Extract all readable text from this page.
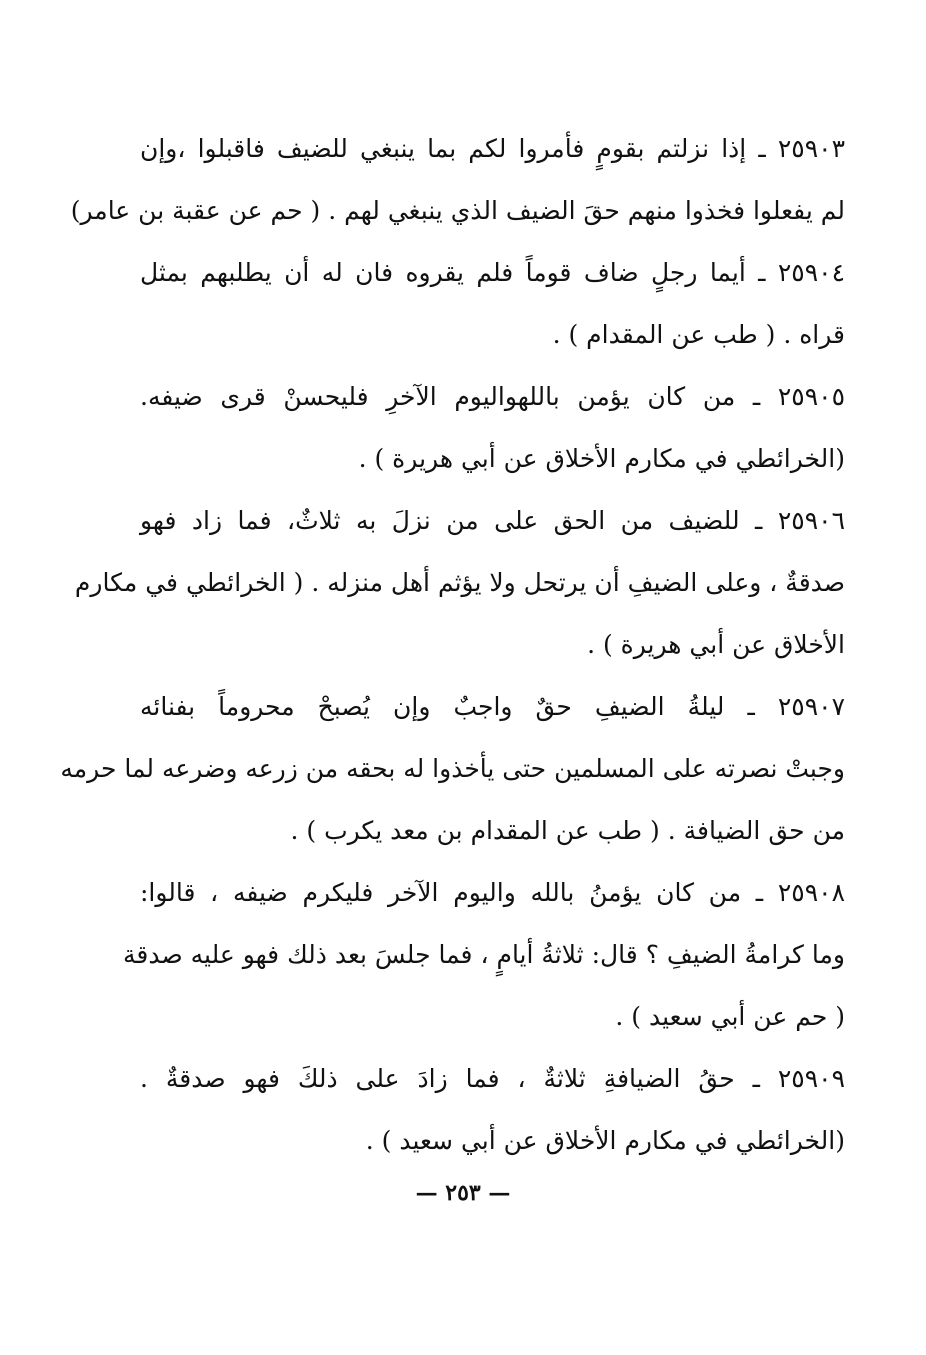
٢٥٩٠٣ ـ إذا نزلتم بقومٍ فأمروا لكم بما ينبغي للضيف فاقبلوا ،وإن
لم يفعلوا فخذوا منهم حقَ الضيف الذي ينبغي لهم . ( حم عن عقبة بن عامر)
٢٥٩٠٤ ـ أيما رجلٍ ضاف قوماً فلم يقروه فان له أن يطلبهم بمثل
قراه . ( طب عن المقدام ) .
٢٥٩٠٥ ـ من كان يؤمن باللهواليوم الآخرِ فليحسنْ قرى ضيفه.
(الخرائطي في مكارم الأخلاق عن أبي هريرة ) .
٢٥٩٠٦ ـ للضيف من الحق على من نزلَ به ثلاثٌ، فما زاد فهو
صدقةٌ ، وعلى الضيفِ أن يرتحل ولا يؤثم أهل منزله . ( الخرائطي في مكارم
الأخلاق عن أبي هريرة ) .
٢٥٩٠٧ ـ ليلةُ الضيفِ حقٌ واجبٌ وإن يُصبحْ محروماً بفنائه
وجبتْ نصرته على المسلمين حتى يأخذوا له بحقه من زرعه وضرعه لما حرمه
من حق الضيافة . ( طب عن المقدام بن معد يكرب ) .
٢٥٩٠٨ ـ من كان يؤمنُ بالله واليوم الآخر فليكرم ضيفه ، قالوا:
وما كرامةُ الضيفِ ؟ قال: ثلاثةُ أيامٍ ، فما جلسَ بعد ذلك فهو عليه صدقة
( حم عن أبي سعيد ) .
٢٥٩٠٩ ـ حقُ الضيافةِ ثلاثةٌ ، فما زادَ على ذلكَ فهو صدقةٌ .
(الخرائطي في مكارم الأخلاق عن أبي سعيد ) .
— ٢٥٣ —
